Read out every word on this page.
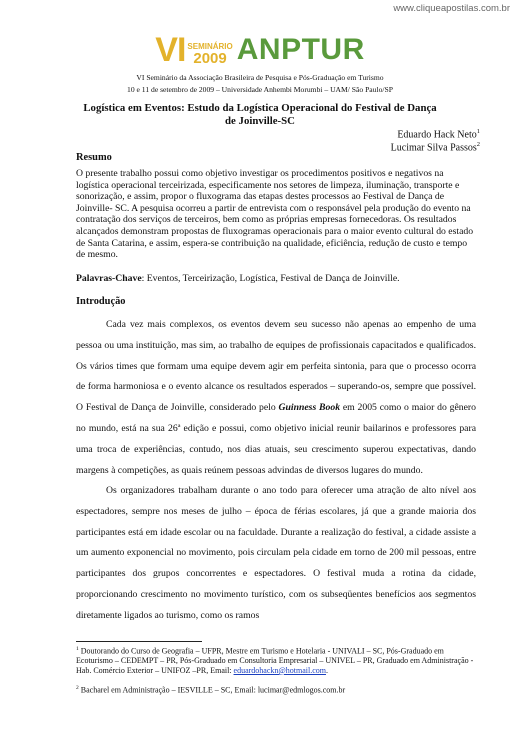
www.cliqueapostilas.com.br
VI SEMINÁRIO
2009 ANPTUR
VI Seminário da Associação Brasileira de Pesquisa e Pós-Graduação em Turismo
10 e 11 de setembro de 2009 – Universidade Anhembi Morumbi – UAM/ São Paulo/SP
Logística em Eventos: Estudo da Logística Operacional do Festival de Dança de Joinville-SC
Eduardo Hack Neto$^1$
Lucimar Silva Passos$^2$
Resumo

O presente trabalho possui como objetivo investigar os procedimentos positivos e negativos na logística operacional terceirizada, especificamente nos setores de limpeza, iluminação, transporte e sonorização, e assim, propor o fluxograma das etapas destes processos ao Festival de Dança de Joinville- SC. A pesquisa ocorreu a partir de entrevista com o responsável pela produção do evento na contratação dos serviços de terceiros, bem como as próprias empresas fornecedoras. Os resultados alcançados demonstram propostas de fluxogramas operacionais para o maior evento cultural do estado de Santa Catarina, e assim, espera-se contribuição na qualidade, eficiência, redução de custo e tempo de mesmo.

Palavras-Chave: Eventos, Terceirização, Logística, Festival de Dança de Joinville.
Introdução

Cada vez mais complexos, os eventos devem seu sucesso não apenas ao empenho de uma pessoa ou uma instituição, mas sim, ao trabalho de equipes de profissionais capacitados e qualificados. Os vários times que formam uma equipe devem agir em perfeita sintonia, para que o processo ocorra de forma harmoniosa e o evento alcance os resultados esperados – superando-os, sempre que possível. O Festival de Dança de Joinville, considerado pelo Guinness Book em 2005 como o maior do gênero no mundo, está na sua 26ª edição e possui, como objetivo inicial reunir bailarinos e professores para uma troca de experiências, contudo, nos dias atuais, seu crescimento superou expectativas, dando margens à competições, as quais reúnem pessoas advindas de diversos lugares do mundo.

Os organizadores trabalham durante o ano todo para oferecer uma atração de alto nível aos espectadores, sempre nos meses de julho – época de férias escolares, já que a grande maioria dos participantes está em idade escolar ou na faculdade. Durante a realização do festival, a cidade assiste a um aumento exponencial no movimento, pois circulam pela cidade em torno de 200 mil pessoas, entre participantes dos grupos concorrentes e espectadores. O festival muda a rotina da cidade, proporcionando crescimento no movimento turístico, com os subseqüentes benefícios aos segmentos diretamente ligados ao turismo, como os ramos

$^1$ Doutorando do Curso de Geografia – UFPR, Mestre em Turismo e Hotelaria - UNIVALI – SC, Pós-Graduado em Ecoturismo – CEDEMPT – PR, Pós-Graduado em Consultoria Empresarial – UNIVEL – PR, Graduado em Administração - Hab. Comércio Exterior – UNIFOZ –PR, Email: eduardohackn@hotmail.com.

$^2$ Bacharel em Administração – IESVILLE – SC, Email: lucimar@edmlogos.com.br
